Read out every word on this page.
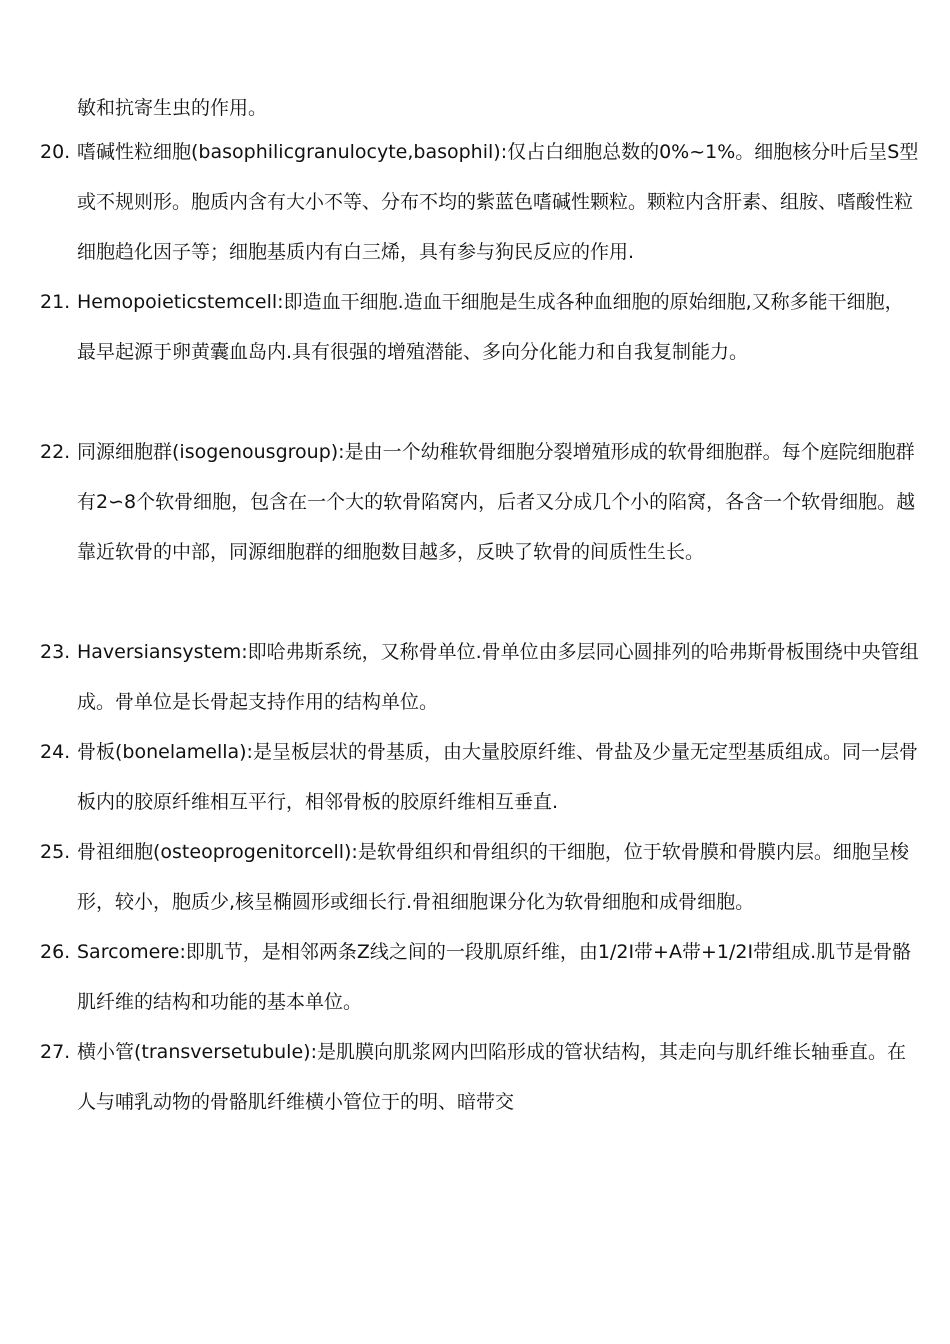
敏和抗寄生虫的作用。
20. 嗜碱性粒细胞(basophilicgranulocyte,basophil):仅占白细胞总数的0%~1%。细胞核分叶后呈S型或不规则形。胞质内含有大小不等、分布不均的紫蓝色嗜碱性颗粒。颗粒内含肝素、组胺、嗜酸性粒细胞趋化因子等；细胞基质内有白三烯，具有参与狗民反应的作用.
21. Hemopoieticstemcell:即造血干细胞.造血干细胞是生成各种血细胞的原始细胞,又称多能干细胞，最早起源于卵黄囊血岛内.具有很强的增殖潜能、多向分化能力和自我复制能力。
22. 同源细胞群(isogenousgroup):是由一个幼稚软骨细胞分裂增殖形成的软骨细胞群。每个庭院细胞群有2∽8个软骨细胞，包含在一个大的软骨陷窝内，后者又分成几个小的陷窝，各含一个软骨细胞。越靠近软骨的中部，同源细胞群的细胞数目越多，反映了软骨的间质性生长。
23. Haversiansystem:即哈弗斯系统，又称骨单位.骨单位由多层同心圆排列的哈弗斯骨板围绕中央管组成。骨单位是长骨起支持作用的结构单位。
24. 骨板(bonelamella):是呈板层状的骨基质，由大量胶原纤维、骨盐及少量无定型基质组成。同一层骨板内的胶原纤维相互平行，相邻骨板的胶原纤维相互垂直.
25. 骨祖细胞(osteoprogenitorcell):是软骨组织和骨组织的干细胞，位于软骨膜和骨膜内层。细胞呈梭形，较小，胞质少,核呈椭圆形或细长行.骨祖细胞课分化为软骨细胞和成骨细胞。
26. Sarcomere:即肌节，是相邻两条Z线之间的一段肌原纤维，由1/2I带+A带+1/2I带组成.肌节是骨骼肌纤维的结构和功能的基本单位。
27. 横小管(transversetubule):是肌膜向肌浆网内凹陷形成的管状结构，其走向与肌纤维长轴垂直。在人与哺乳动物的骨骼肌纤维横小管位于的明、暗带交
